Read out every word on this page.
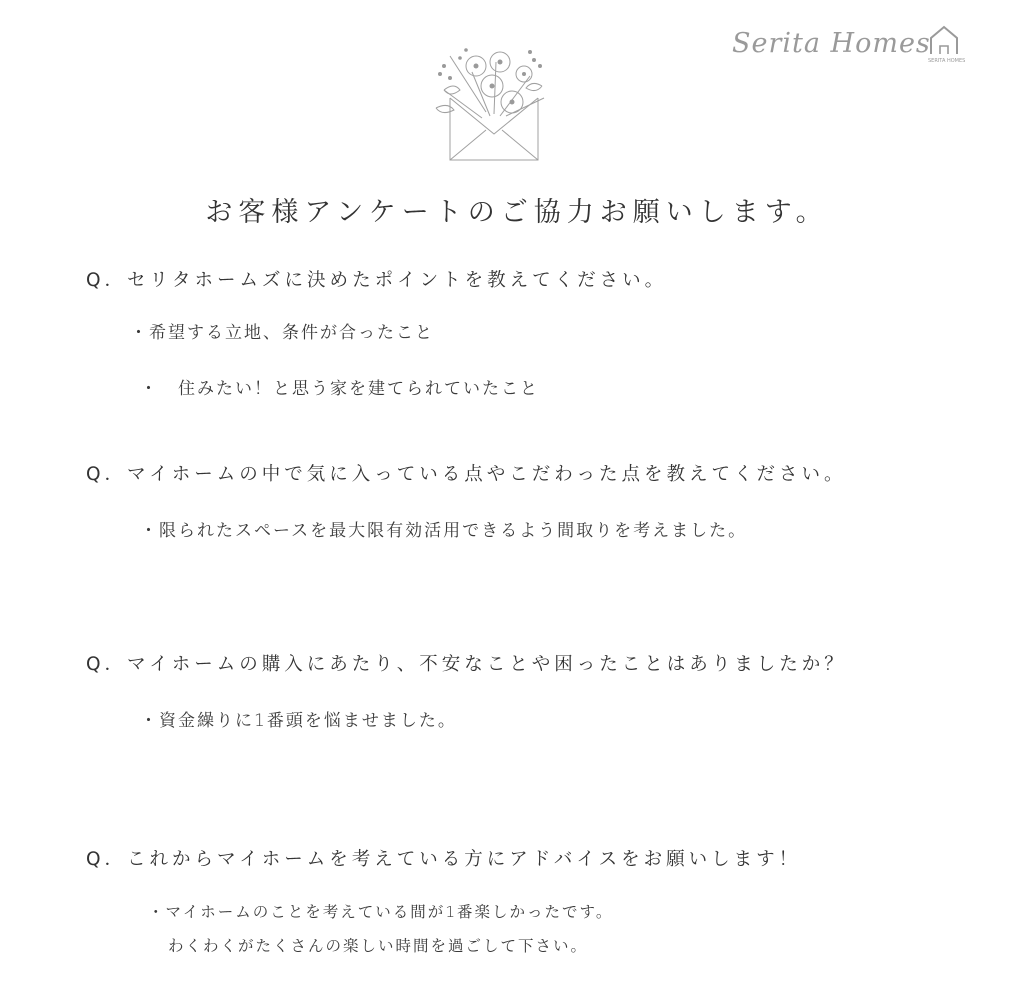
Serita Homes
SERITA HOMES
お客様アンケートのご協力お願いします。
Q．セリタホームズに決めたポイントを教えてください。
・希望する立地、条件が合ったこと
・　住みたい！と思う家を建てられていたこと
Q．マイホームの中で気に入っている点やこだわった点を教えてください。
・限られたスペースを最大限有効活用できるよう間取りを考えました。
Q．マイホームの購入にあたり、不安なことや困ったことはありましたか？
・資金繰りに1番頭を悩ませました。
Q．これからマイホームを考えている方にアドバイスをお願いします！
・マイホームのことを考えている間が1番楽しかったです。
わくわくがたくさんの楽しい時間を過ごして下さい。
